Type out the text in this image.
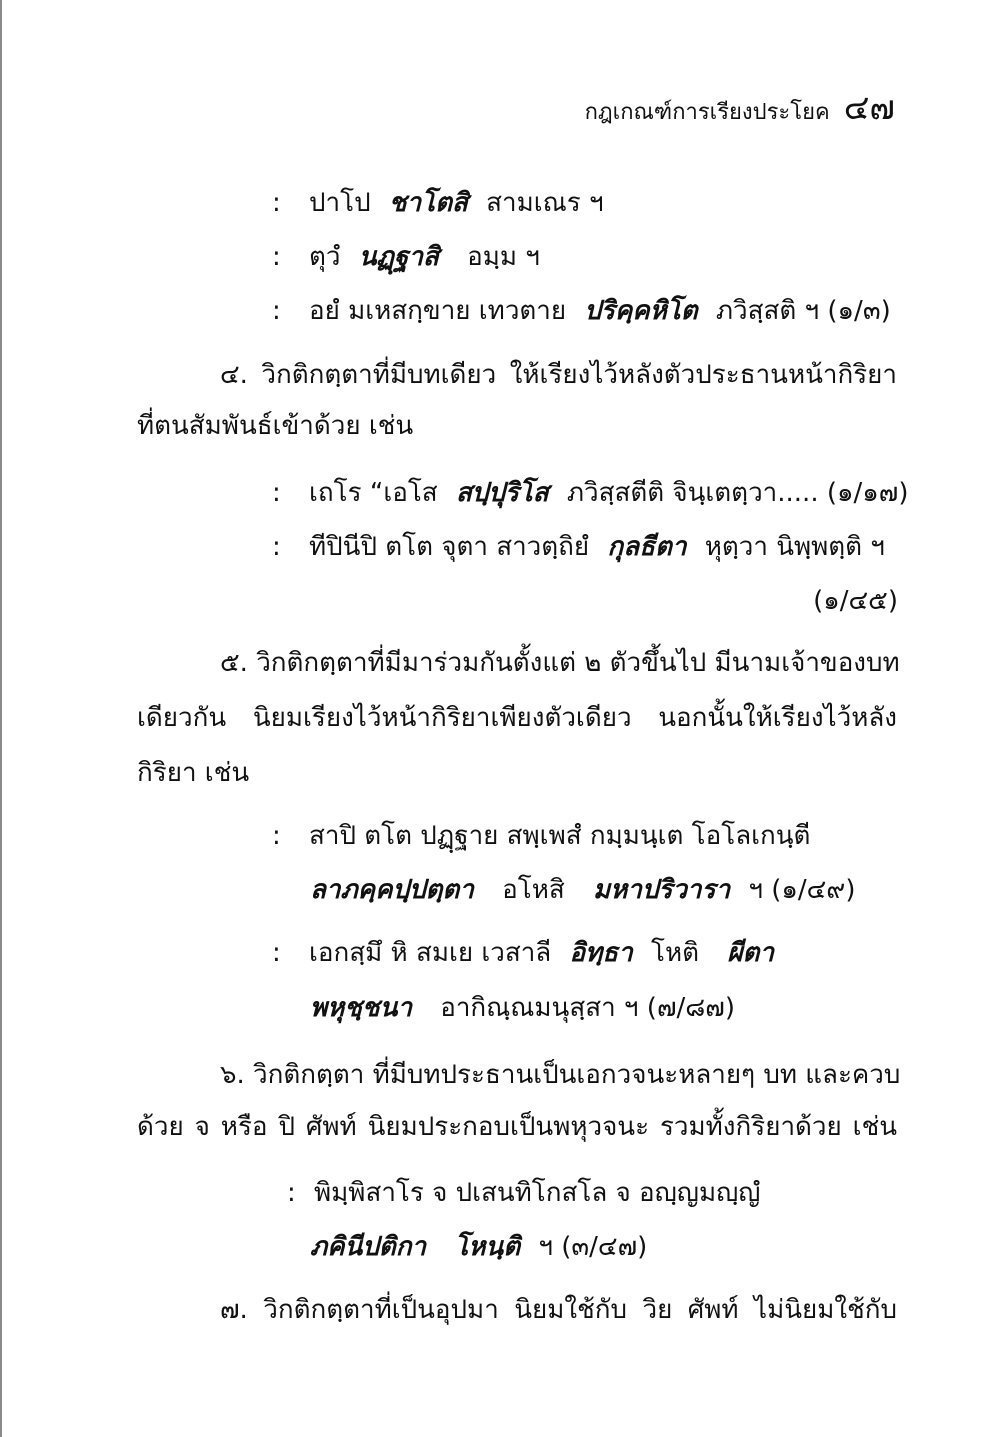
กฎเกณฑ์การเรียงประโยค ๔๗
: ปาโป ชาโตสิ สามเณร ฯ
: ตุวํ นฏฺฐาสิ อมฺม ฯ
: อยํ มเหสกฺขาย เทวตาย ปริคฺคหิโต ภวิสฺสติ ฯ (๑/๓)
๔. วิกติกตฺตาที่มีบทเดียว ให้เรียงไว้หลังตัวประธานหน้ากิริยา
ที่ตนสัมพันธ์เข้าด้วย เช่น
: เถโร “เอโส สปฺปุริโส ภวิสฺสตีติ จินฺเตตฺวา..... (๑/๑๗)
: ทีปินีปิ ตโต จุตา สาวตฺถิยํ กุลธีตา หุตฺวา นิพฺพตฺติ ฯ
(๑/๔๕)
๕. วิกติกตฺตาที่มีมาร่วมกันตั้งแต่ ๒ ตัวขึ้นไป มีนามเจ้าของบท
เดียวกัน นิยมเรียงไว้หน้ากิริยาเพียงตัวเดียว นอกนั้นให้เรียงไว้หลัง
กิริยา เช่น
: สาปิ ตโต ปฏฺฐาย สพฺเพสํ กมฺมนฺเต โอโลเกนฺตี
ลาภคฺคปฺปตฺตา อโหสิ มหาปริวารา ฯ (๑/๔๙)
: เอกสฺมึ หิ สมเย เวสาลี อิทฺธา โหติ ผีตา
พหุชฺชนา อากิณฺณมนุสฺสา ฯ (๗/๘๗)
๖. วิกติกตฺตา ที่มีบทประธานเป็นเอกวจนะหลายๆ บท และควบ
ด้วย จ หรือ ปิ ศัพท์ นิยมประกอบเป็นพหุวจนะ รวมทั้งกิริยาด้วย เช่น
: พิมฺพิสาโร จ ปเสนทิโกสโล จ อญฺญมญฺญํ
ภคินีปติกา โหนฺติ ฯ (๓/๔๗)
๗. วิกติกตฺตาที่เป็นอุปมา นิยมใช้กับ วิย ศัพท์ ไม่นิยมใช้กับ
